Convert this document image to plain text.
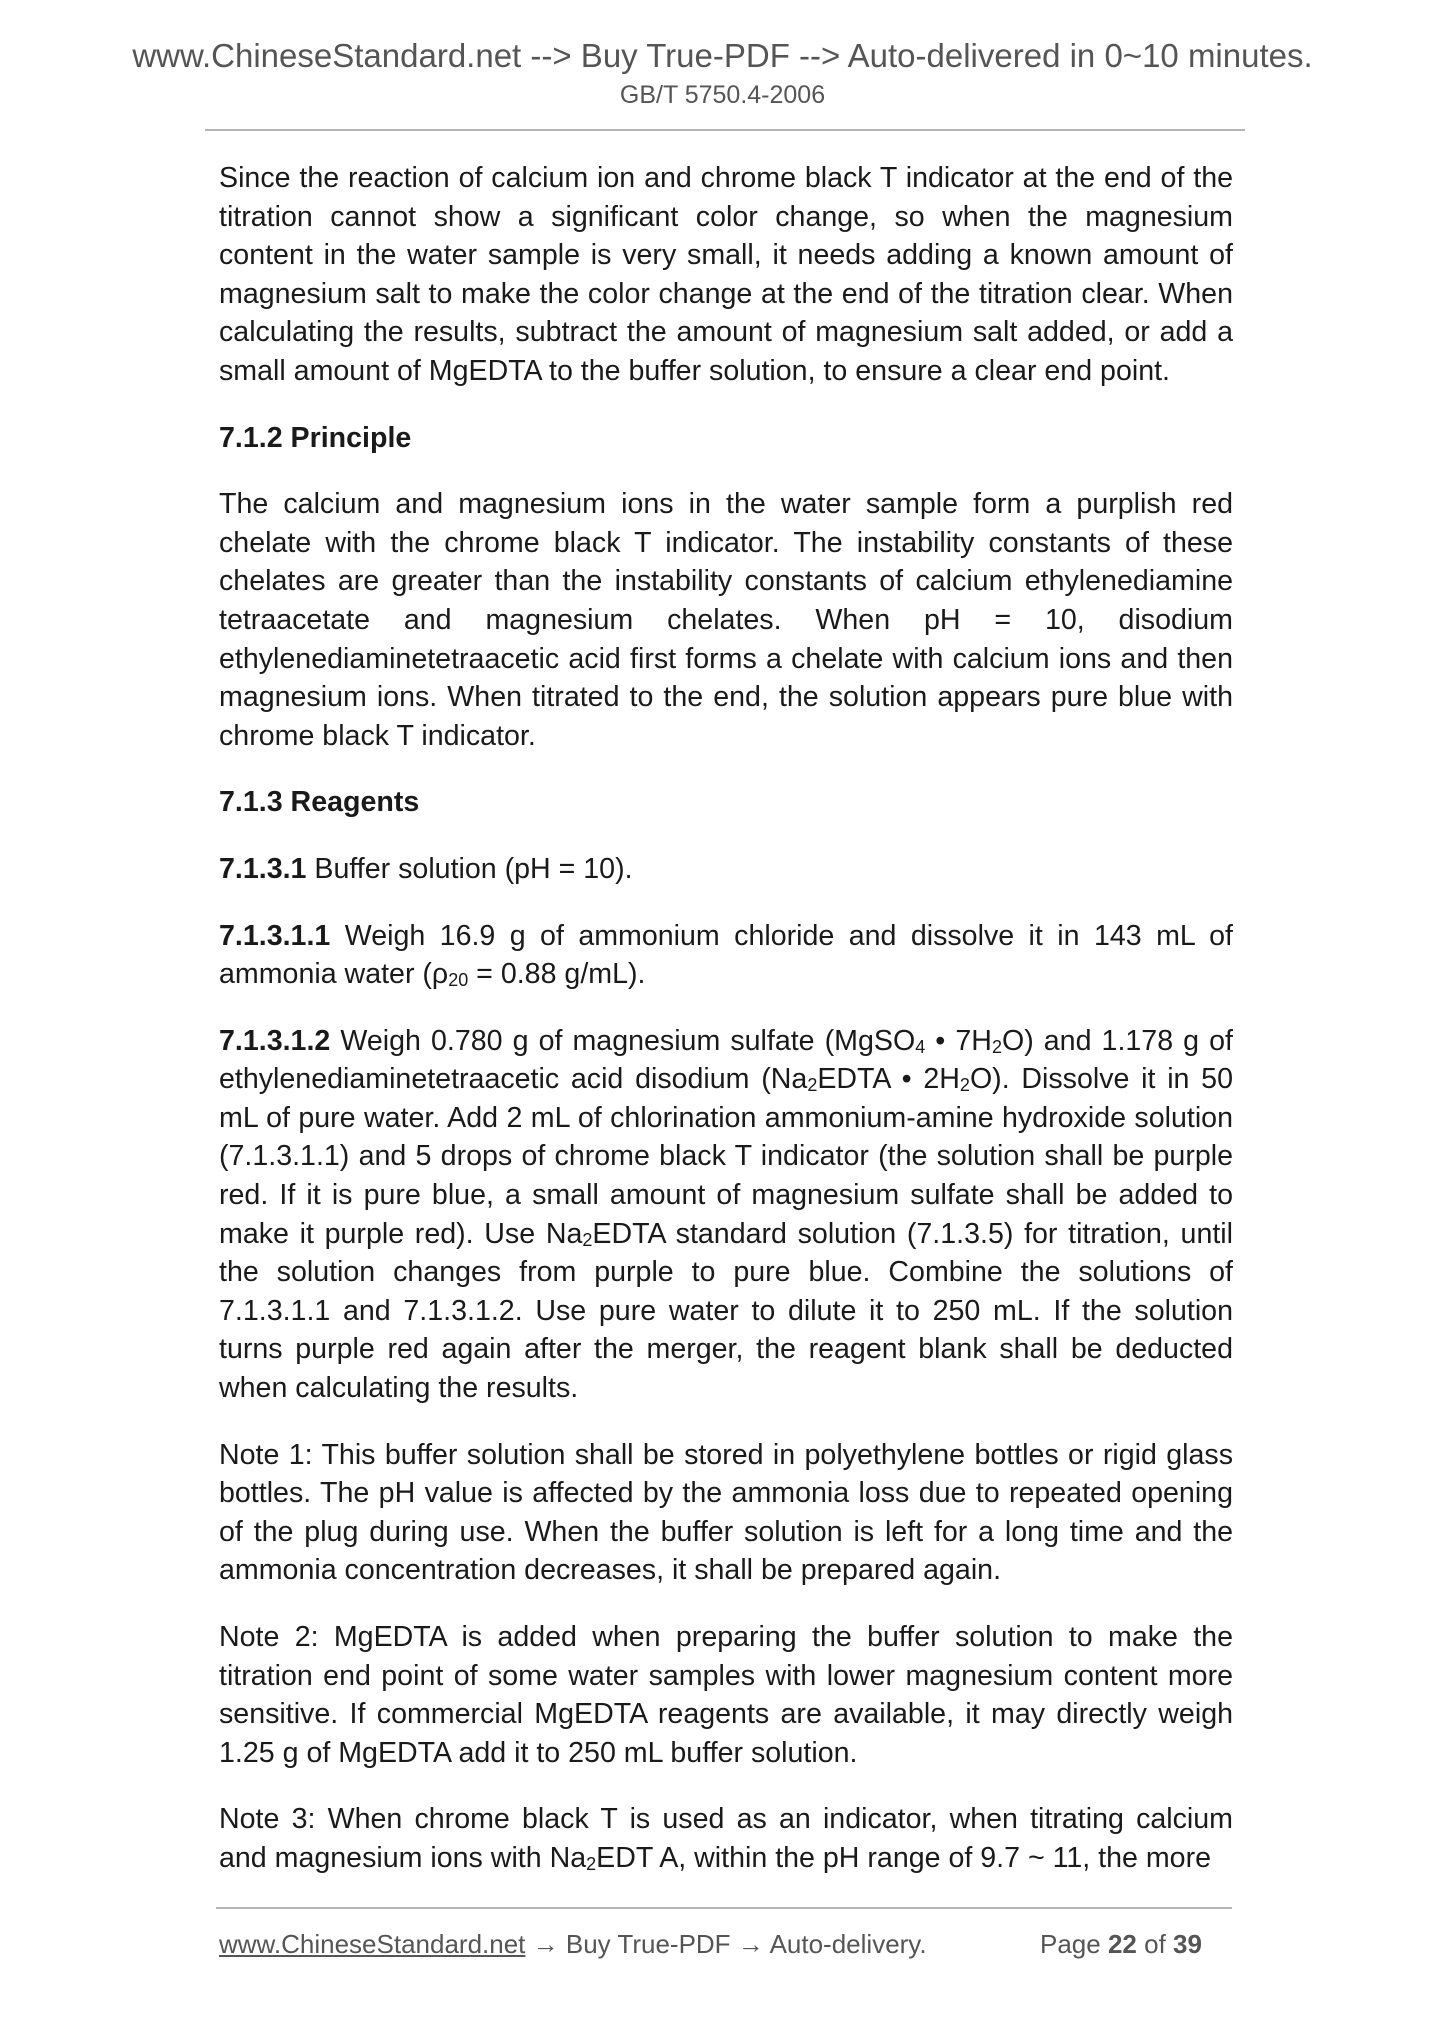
www.ChineseStandard.net --> Buy True-PDF --> Auto-delivered in 0~10 minutes.
GB/T 5750.4-2006

Since the reaction of calcium ion and chrome black T indicator at the end of the titration cannot show a significant color change, so when the magnesium content in the water sample is very small, it needs adding a known amount of magnesium salt to make the color change at the end of the titration clear. When calculating the results, subtract the amount of magnesium salt added, or add a small amount of MgEDTA to the buffer solution, to ensure a clear end point.

7.1.2 Principle

The calcium and magnesium ions in the water sample form a purplish red chelate with the chrome black T indicator. The instability constants of these chelates are greater than the instability constants of calcium ethylenediamine tetraacetate and magnesium chelates. When pH = 10, disodium ethylenediaminetetraacetic acid first forms a chelate with calcium ions and then magnesium ions. When titrated to the end, the solution appears pure blue with chrome black T indicator.

7.1.3 Reagents

7.1.3.1 Buffer solution (pH = 10).

7.1.3.1.1 Weigh 16.9 g of ammonium chloride and dissolve it in 143 mL of ammonia water ($\rho_{20} = 0.88$ g/mL).

7.1.3.1.2 Weigh 0.780 g of magnesium sulfate (MgSO$_4$ • $7H_2O$) and 1.178 g of ethylenediaminetetraacetic acid disodium ($Na_2EDTA$ • $2H_2O$). Dissolve it in 50 mL of pure water. Add 2 mL of chlorination ammonium-amine hydroxide solution (7.1.3.1.1) and 5 drops of chrome black T indicator (the solution shall be purple red. If it is pure blue, a small amount of magnesium sulfate shall be added to make it purple red). Use $Na_2EDTA$ standard solution (7.1.3.5) for titration, until the solution changes from purple to pure blue. Combine the solutions of 7.1.3.1.1 and 7.1.3.1.2. Use pure water to dilute it to 250 mL. If the solution turns purple red again after the merger, the reagent blank shall be deducted when calculating the results.

Note 1: This buffer solution shall be stored in polyethylene bottles or rigid glass bottles. The pH value is affected by the ammonia loss due to repeated opening of the plug during use. When the buffer solution is left for a long time and the ammonia concentration decreases, it shall be prepared again.

Note 2: MgEDTA is added when preparing the buffer solution to make the titration end point of some water samples with lower magnesium content more sensitive. If commercial MgEDTA reagents are available, it may directly weigh 1.25 g of MgEDTA add it to 250 mL buffer solution.

Note 3: When chrome black T is used as an indicator, when titrating calcium and magnesium ions with $Na_2EDT$ A, within the pH range of 9.7 ~ 11, the more

www.ChineseStandard.net → Buy True-PDF → Auto-delivery.	Page 22 of 39
